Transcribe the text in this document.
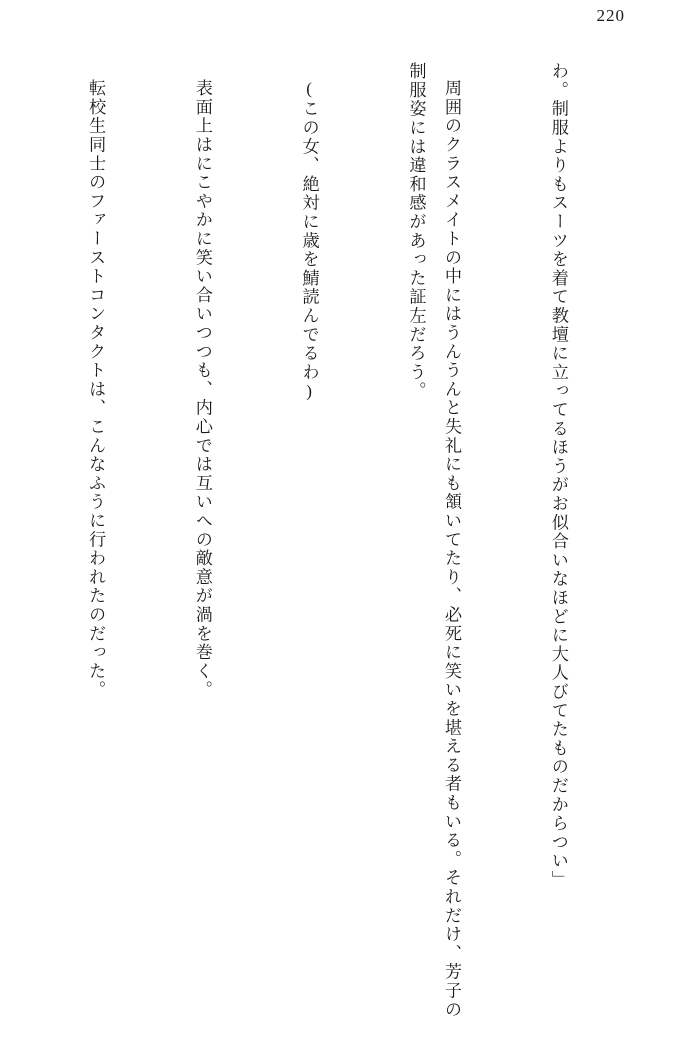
220

わ。制服よりもスーツを着て教壇に立ってるほうがお似合いなほどに大人びてたものだからつい」

周囲のクラスメイトの中にはうんうんと失礼にも頷いてたり、必死に笑いを堪える者もいる。それだけ、芳子の制服姿には違和感があった証左だろう。

(この女、絶対に歳を鯖読んでるわ)

表面上はにこやかに笑い合いつつも、内心では互いへの敵意が渦を巻く。

転校生同士のファーストコンタクトは、こんなふうに行われたのだった。
